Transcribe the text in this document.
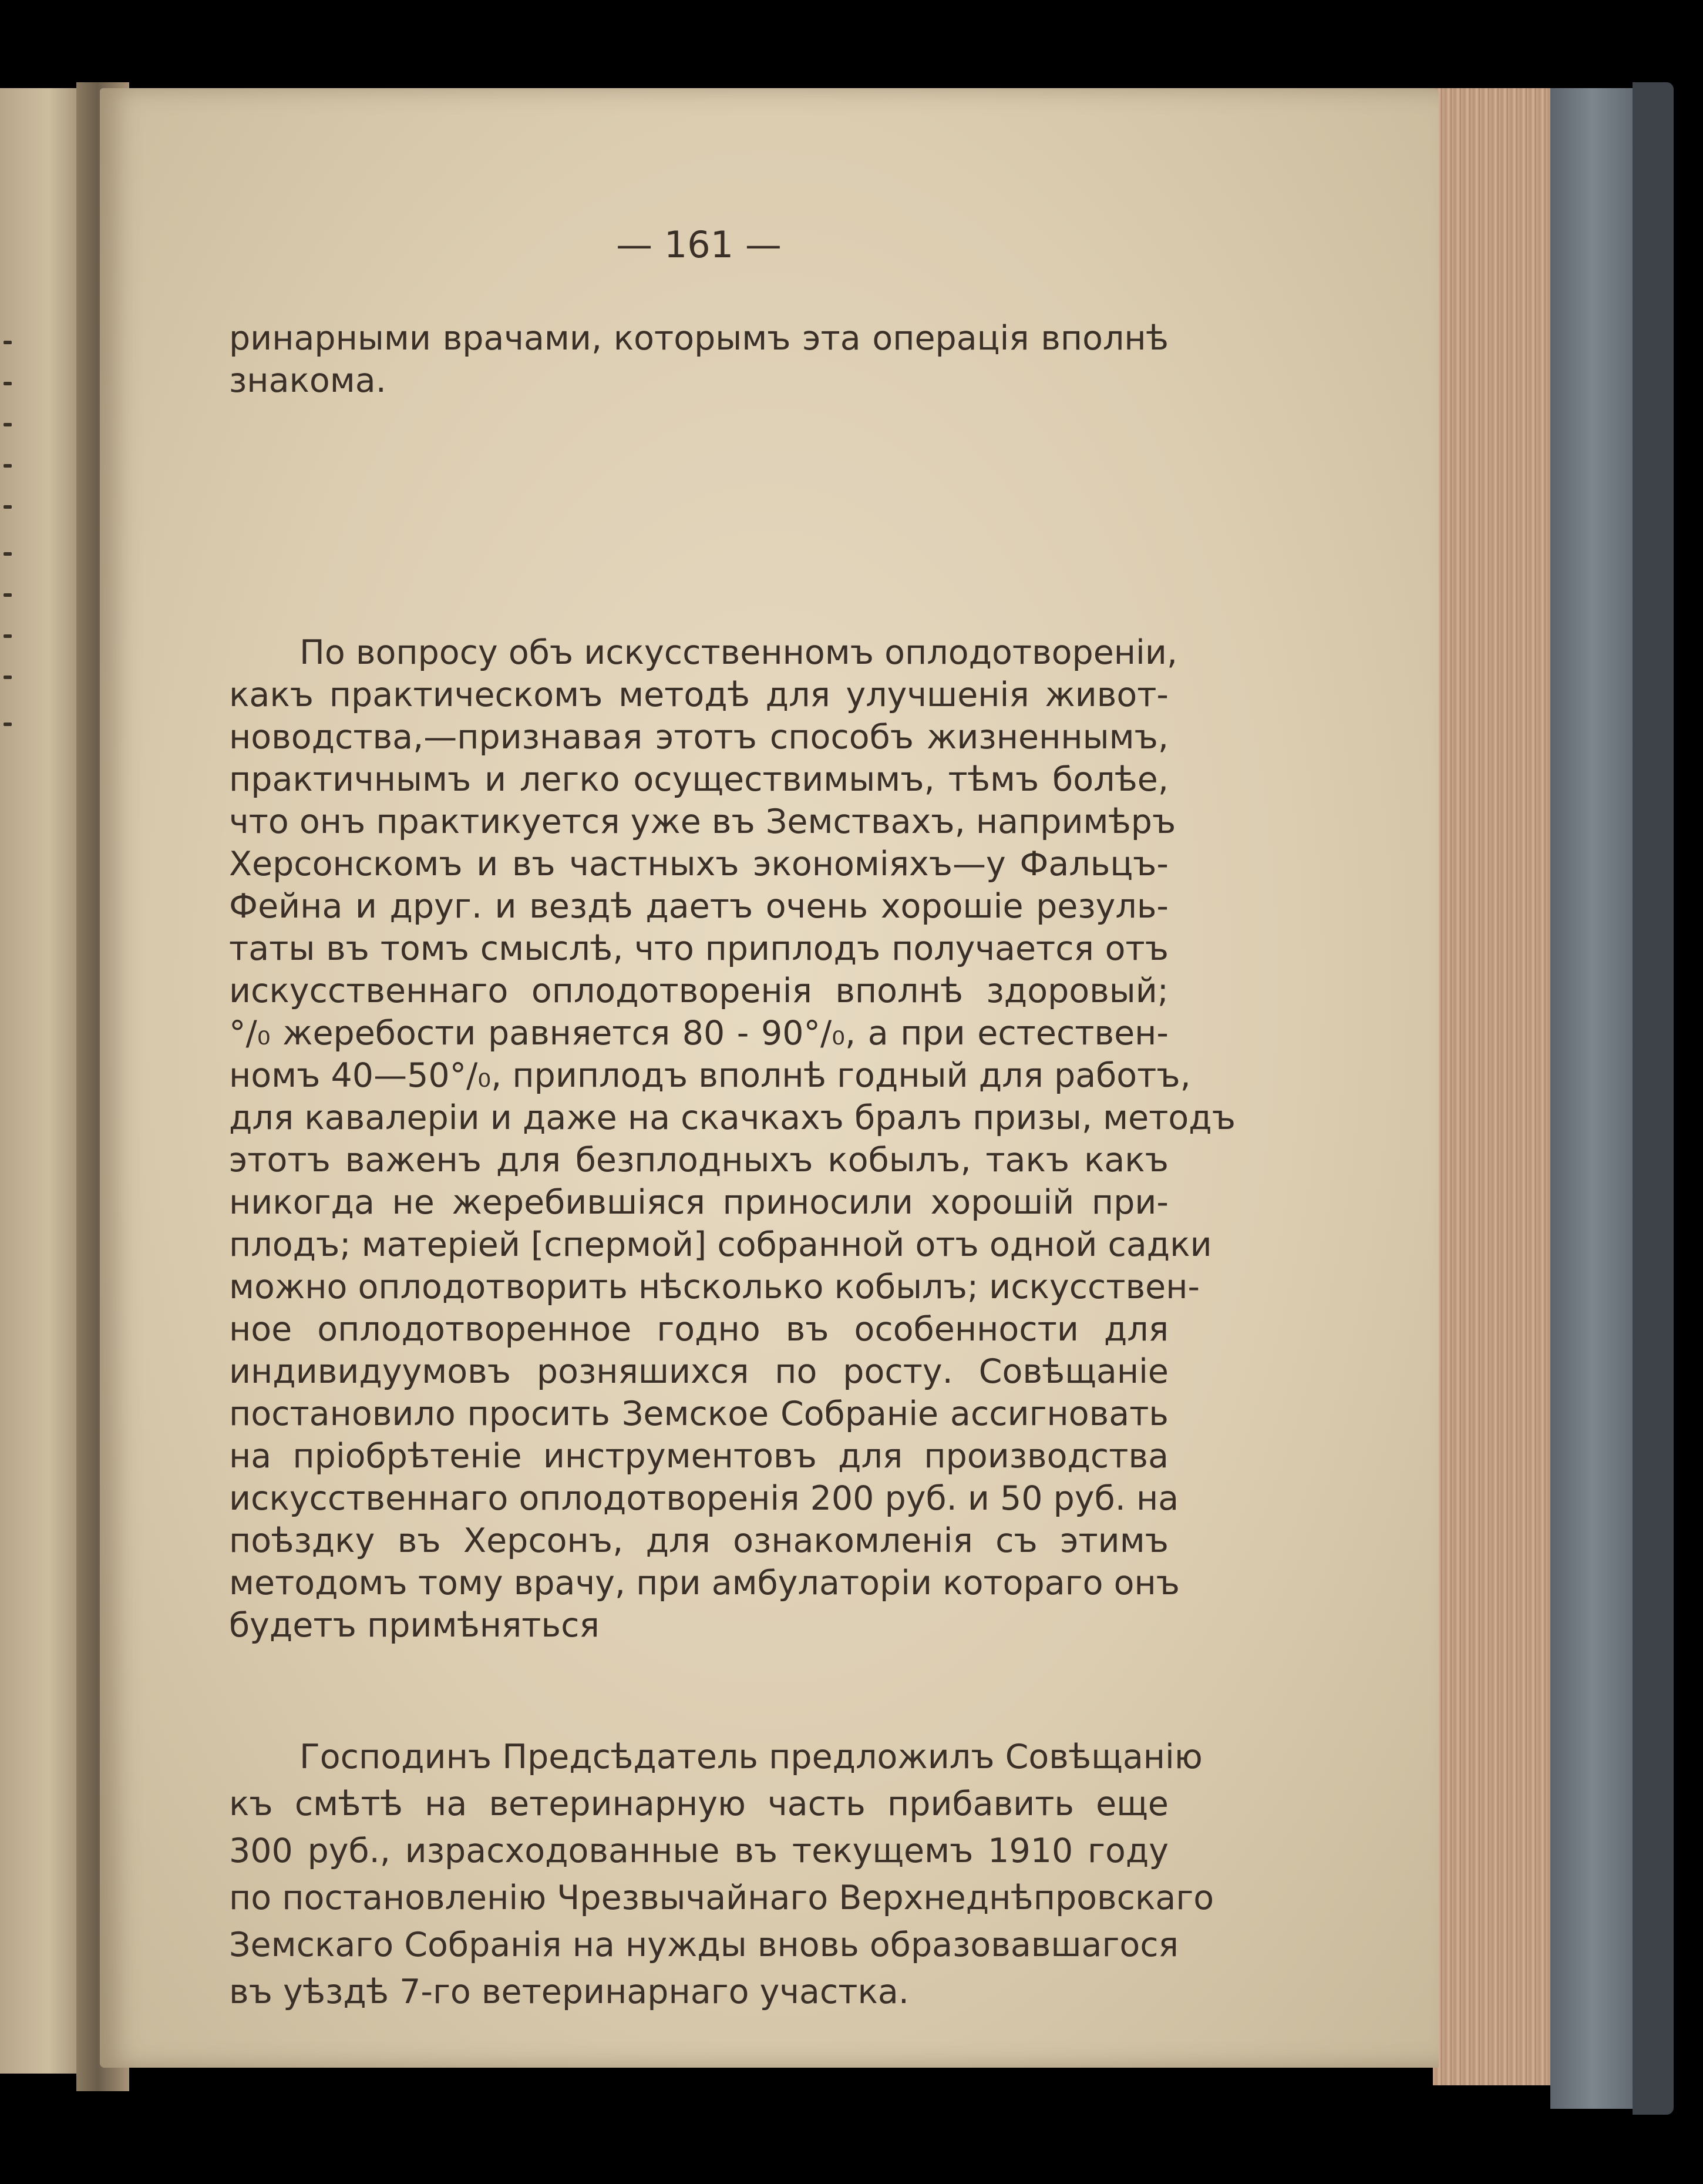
— 161 —
ринарными врачами, которымъ эта операцiя вполнѣ
знакома.
По вопросу объ искусственномъ оплодотворенiи,
какъ практическомъ методѣ для улучшенiя живот-
новодства,—признавая этотъ способъ жизненнымъ,
практичнымъ и легко осуществимымъ, тѣмъ болѣе,
что онъ практикуется уже въ Земствахъ, напримѣръ
Херсонскомъ и въ частныхъ экономiяхъ—у Фальцъ-
Фейна и друг. и вездѣ даетъ очень хорошiе резуль-
таты въ томъ смыслѣ, что приплодъ получается отъ
искусственнаго оплодотворенiя вполнѣ здоровый;
°/₀ жеребости равняется 80 - 90°/₀, а при естествен-
номъ 40—50°/₀, приплодъ вполнѣ годный для работъ,
для кавалерiи и даже на скачкахъ бралъ призы, методъ
этотъ важенъ для безплодныхъ кобылъ, такъ какъ
никогда не жеребившiяся приносили хорошiй при-
плодъ; матерiей [спермой] собранной отъ одной садки
можно оплодотворить нѣсколько кобылъ; искусствен-
ное оплодотворенное годно въ особенности для
индивидуумовъ розняшихся по росту. Совѣщанiе
постановило просить Земское Собранiе ассигновать
на прiобрѣтенiе инструментовъ для производства
искусственнаго оплодотворенiя 200 руб. и 50 руб. на
поѣздку въ Херсонъ, для ознакомленiя съ этимъ
методомъ тому врачу, при амбулаторiи котораго онъ
будетъ примѣняться
Господинъ Предсѣдатель предложилъ Совѣщанiю
къ смѣтѣ на ветеринарную часть прибавить еще
300 руб., израсходованные въ текущемъ 1910 году
по постановленiю Чрезвычайнаго Верхнеднѣпровскаго
Земскаго Собранiя на нужды вновь образовавшагося
въ уѣздѣ 7-го ветеринарнаго участка.
